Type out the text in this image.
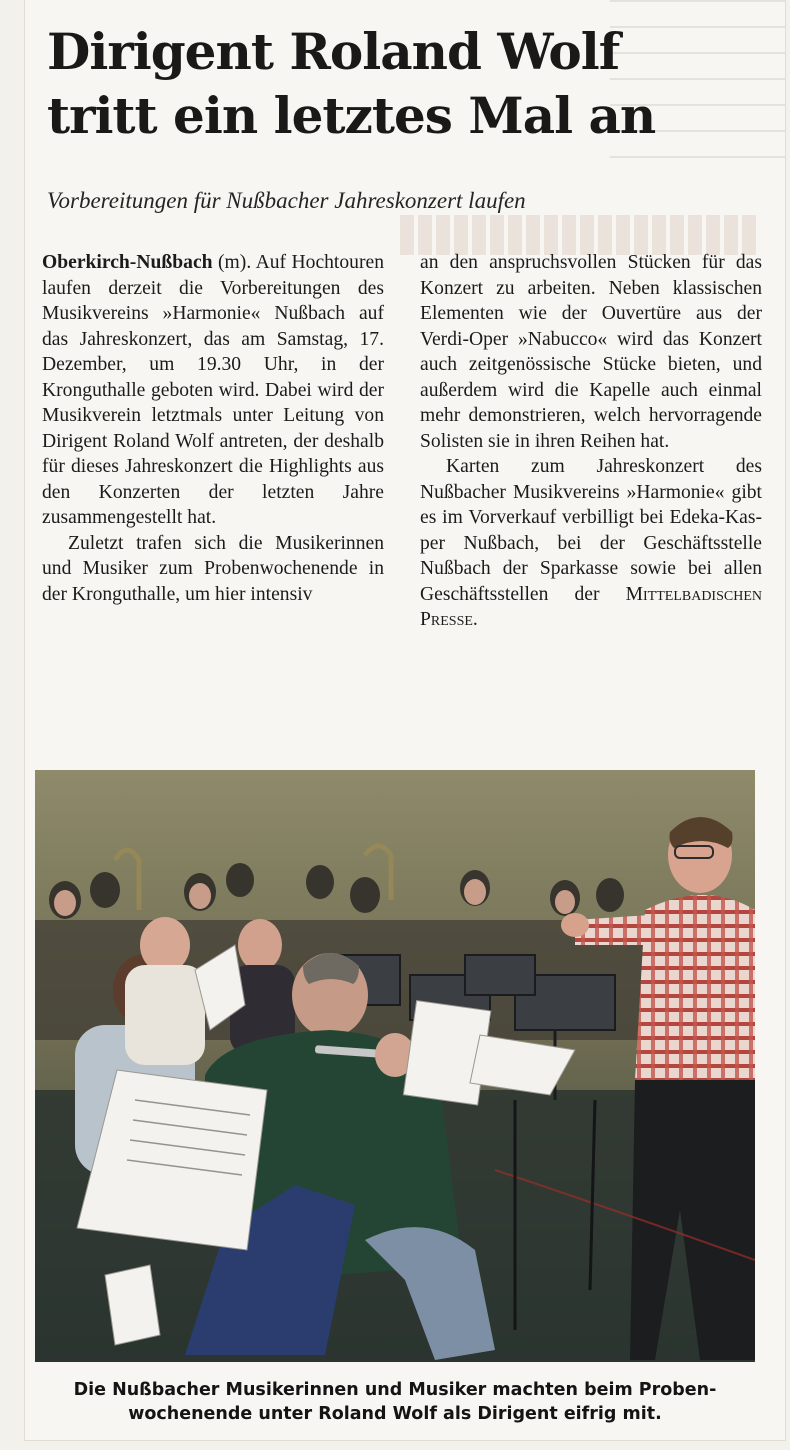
Dirigent Roland Wolf
tritt ein letztes Mal an

Vorbereitungen für Nußbacher Jahreskonzert laufen

Oberkirch-Nußbach (m). Auf Hochtouren laufen derzeit die Vorbereitungen des Musikvereins »Harmonie« Nußbach auf das Jahreskonzert, das am Samstag, 17. Dezember, um 19.30 Uhr, in der Kronguthalle geboten wird. Dabei wird der Musikverein letztmals unter Leitung von Dirigent Roland Wolf antreten, der deshalb für dieses Jahreskonzert die Highlights aus den Konzerten der letzten Jahre zusammengestellt hat.

Zuletzt trafen sich die Musikerinnen und Musiker zum Probenwochenende in der Kronguthalle, um hier intensiv

an den anspruchsvollen Stücken für das Konzert zu arbeiten. Neben klassischen Elementen wie der Ouvertüre aus der Verdi-Oper »Nabucco« wird das Konzert auch zeitgenössische Stücke bieten, und außerdem wird die Kapelle auch einmal mehr demonstrieren, welch hervorragende Solisten sie in ihren Reihen hat.

Karten zum Jahreskonzert des Nußbacher Musikvereins »Harmonie« gibt es im Vorverkauf verbilligt bei Edeka-Kasper Nußbach, bei der Geschäftsstelle Nußbach der Sparkasse sowie bei allen Geschäftsstellen der Mittelbadischen Presse.

Die Nußbacher Musikerinnen und Musiker machten beim Probenwochenende unter Roland Wolf als Dirigent eifrig mit.
